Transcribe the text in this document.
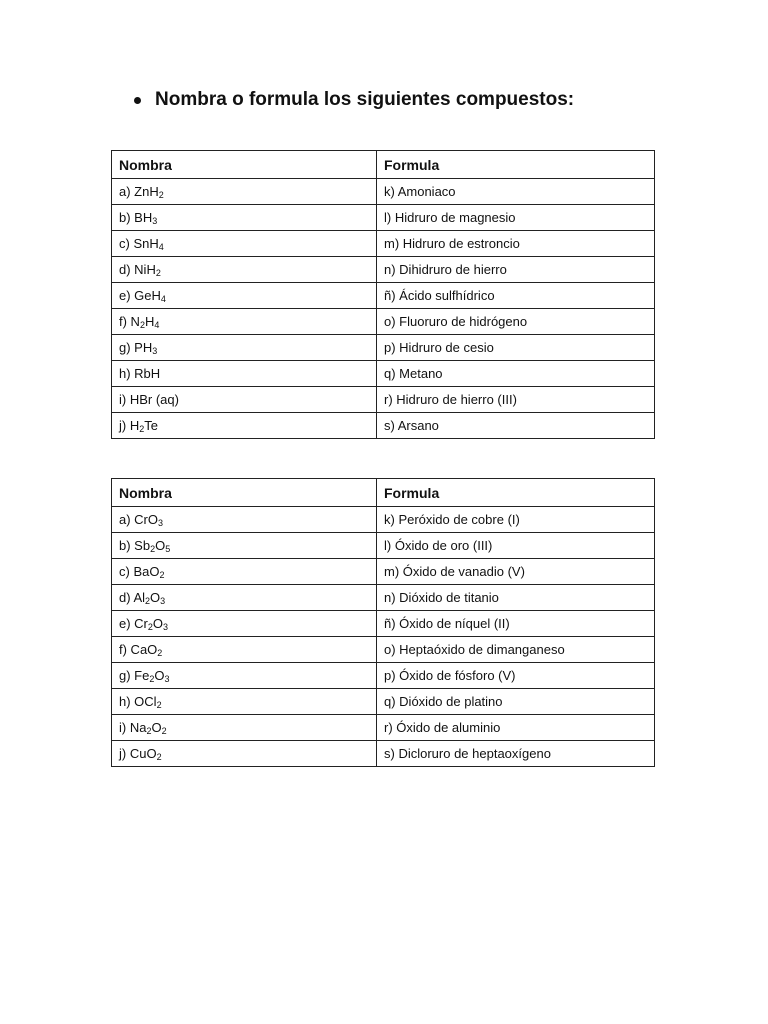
Nombra o formula los siguientes compuestos:
Nombra	Formula
a) ZnH$_2$	k) Amoniaco
b) $BH_3$	l) Hidruro de magnesio
c) SnH$_4$	m) Hidruro de estroncio
d) NiH$_2$	n) Dihidruro de hierro
e) GeH$_4$	ñ) Ácido sulfhídrico
f) $N_2H_4$	o) Fluoruro de hidrógeno
g) $PH_3$	p) Hidruro de cesio
h) RbH	q) Metano
i) HBr (aq)	r) Hidruro de hierro (III)
j) $H_2Te$	s) Arsano
Nombra	Formula
a) CrO$_3$	k) Peróxido de cobre (I)
b) $Sb_2O_5$	l) Óxido de oro (III)
c) BaO$_2$	m) Óxido de vanadio (V)
d) $Al_2O_3$	n) Dióxido de titanio
e) $Cr_2O_3$	ñ) Óxido de níquel (II)
f) CaO$_2$	o) Heptaóxido de dimanganeso
g) $Fe_2O_3$	p) Óxido de fósforo (V)
h) OCl$_2$	q) Dióxido de platino
i) $Na_2O_2$	r) Óxido de aluminio
j) CuO$_2$	s) Dicloruro de heptaoxígeno
